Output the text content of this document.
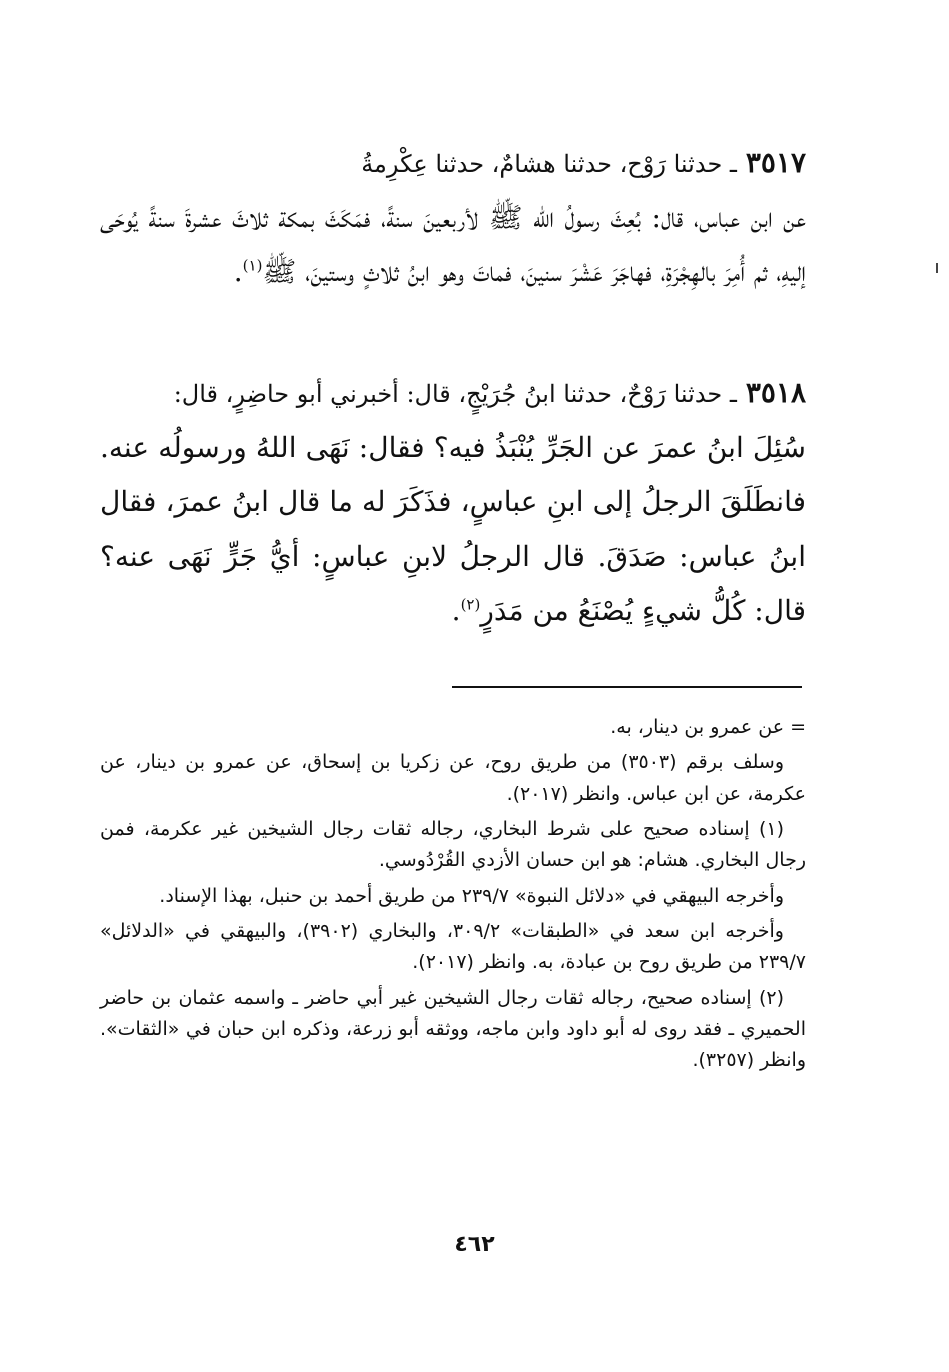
٣٥١٧ ـ حدثنا رَوْح، حدثنا هشامٌ، حدثنا عِكْرِمةُ
عن ابن عباس، قال: بُعِثَ رسولُ الله ﷺ لأربعينَ سنةً، فمَكَثَ بمكة ثلاثَ عشرةَ سنةً يُوحَى إليهِ، ثم أُمِرَ بالهِجْرَةِ، فهاجَرَ عَشْرَ سنينَ، فماتَ وهو ابنُ ثلاثٍ وستينَ، ﷺ$^{(١)}$.
٣٥١٨ ـ حدثنا رَوْحٌ، حدثنا ابنُ جُرَيْجٍ، قال: أخبرني أبو حاضِرٍ، قال:
سُئِلَ ابنُ عمرَ عن الجَرِّ يُنْبَذُ فيه؟ فقال: نَهَى اللهُ ورسولُه عنه. فانطَلَقَ الرجلُ إلى ابنِ عباسٍ، فذَكَرَ له ما قال ابنُ عمرَ، فقال ابنُ عباس: صَدَقَ. قال الرجلُ لابنِ عباسٍ: أيُّ جَرٍّ نَهَى عنه؟ قال: كُلُّ شيءٍ يُصْنَعُ من مَدَرٍ$^{(٢)}$.

= عن عمرو بن دينار، به.

وسلف برقم (٣٥٠٣) من طريق روح، عن زكريا بن إسحاق، عن عمرو بن دينار، عن عكرمة، عن ابن عباس. وانظر (٢٠١٧).

(١) إسناده صحيح على شرط البخاري، رجاله ثقات رجال الشيخين غير عكرمة، فمن رجال البخاري. هشام: هو ابن حسان الأزدي القُرْدُوسي.

وأخرجه البيهقي في «دلائل النبوة» ٢٣٩/٧ من طريق أحمد بن حنبل، بهذا الإسناد.

وأخرجه ابن سعد في «الطبقات» ٣٠٩/٢، والبخاري (٣٩٠٢)، والبيهقي في «الدلائل» ٢٣٩/٧ من طريق روح بن عبادة، به. وانظر (٢٠١٧).

(٢) إسناده صحيح، رجاله ثقات رجال الشيخين غير أبي حاضر ـ واسمه عثمان بن حاضر الحميري ـ فقد روى له أبو داود وابن ماجه، ووثقه أبو زرعة، وذكره ابن حبان في «الثقات». وانظر (٣٢٥٧).

٤٦٢
